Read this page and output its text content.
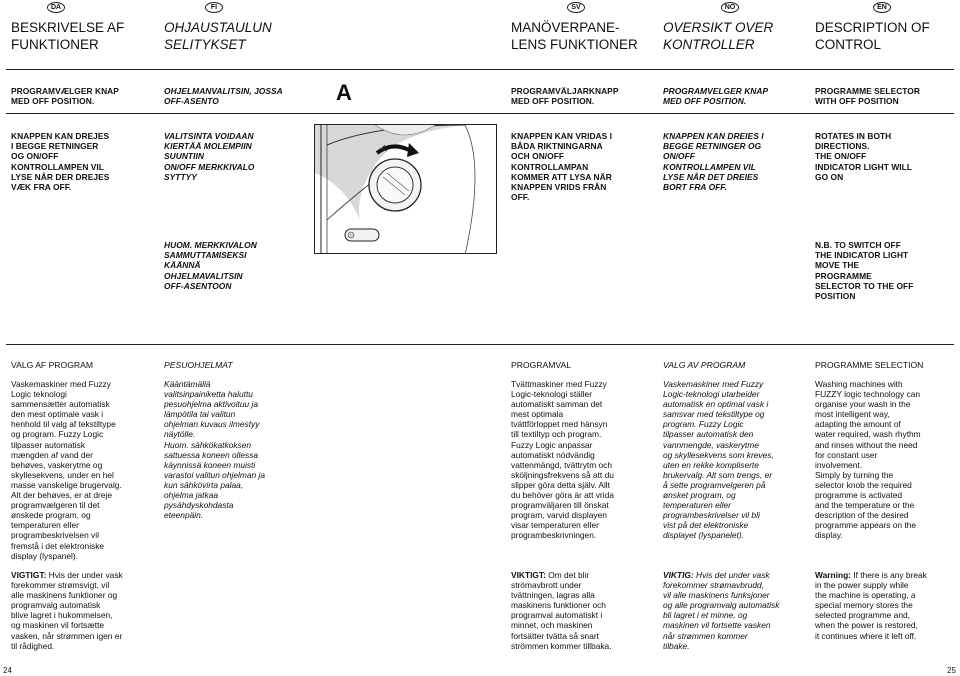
DA	FI	SV	NO	EN
BESKRIVELSE AF
FUNKTIONER
OHJAUSTAULUN
SELITYKSET
MANÖVERPANE-
LENS FUNKTIONER
OVERSIKT OVER
KONTROLLER
DESCRIPTION OF
CONTROL
PROGRAMVÆLGER KNAP
MED OFF POSITION.
OHJELMANVALITSIN, JOSSA
OFF-ASENTO	A	PROGRAMVÄLJARKNAPP
MED OFF POSITION.
PROGRAMVELGER KNAP
MED OFF POSITION.
PROGRAMME SELECTOR
WITH OFF POSITION
KNAPPEN KAN DREJES
I BEGGE RETNINGER
OG ON/OFF
KONTROLLAMPEN VIL
LYSE NÅR DER DREJES
VÆK FRA OFF.
VALITSINTA VOIDAAN
KIERTÄÄ MOLEMPIIN
SUUNTIIN
ON/OFF MERKKIVALO
SYTTYY
KNAPPEN KAN VRIDAS I
BÅDA RIKTNINGARNA
OCH ON/OFF
KONTROLLAMPAN
KOMMER ATT LYSA NÄR
KNAPPEN VRIDS FRÅN
OFF.
KNAPPEN KAN DREIES I
BEGGE RETNINGER OG
ON/OFF
KONTROLLAMPEN VIL
LYSE NÅR DET DREIES
BORT FRA OFF.
ROTATES IN BOTH
DIRECTIONS.
THE ON/OFF
INDICATOR LIGHT WILL
GO ON
HUOM. MERKKIVALON
SAMMUTTAMISEKSI
KÄÄNNÄ
OHJELMAVALITSIN
OFF-ASENTOON
N.B. TO SWITCH OFF
THE INDICATOR LIGHT
MOVE THE
PROGRAMME
SELECTOR TO THE OFF
POSITION
VALG AF PROGRAM	PESUOHJELMAT	PROGRAMVAL	VALG AV PROGRAM	PROGRAMME SELECTION
Vaskemaskiner med Fuzzy
Logic teknologi
sammensætter automatisk
den mest optimale vask i
henhold til valg af tekstiltype
og program. Fuzzy Logic
tilpasser automatisk
mængden af vand der
behøves, vaskerytme og
skyllesekvens, under en hel
masse vanskelige brugervalg.
Alt der behøves, er at dreje
programvælgeren til det
ønskede program, og
temperaturen eller
programbeskrivelsen vil
fremstå i det elektroniske
display (lyspanel).
Kääntämällä
valitsinpainiketta haluttu
pesuohjelma aktivoituu ja
lämpötila tai valitun
ohjelman kuvaus ilmestyy
näytölle.
Huom. sähkökatkoksen
sattuessa koneen ollessa
käynnissä koneen muisti
varastoi valitun ohjelman ja
kun sähkövirta palaa,
ohjelma jatkaa
pysähdyskohdasta
eteenpäin.
Tvättmaskiner med Fuzzy
Logic-teknologi ställer
automatiskt samman det
mest optimala
tvättförloppet med hänsyn
till textiltyp och program.
Fuzzy Logic anpassar
automatiskt nödvändig
vattenmängd, tvättrytm och
sköljningsfrekvens så att du
slipper göra detta själv. Allt
du behöver göra är att vrida
programväljaren till önskat
program, varvid displayen
visar temperaturen eller
programbeskrivningen.
Vaskemaskiner med Fuzzy
Logic-teknologi utarbeider
automatisk en optimal vask i
samsvar med tekstiltype og
program. Fuzzy Logic
tilpasser automatisk den
vannmengde, vaskerytme
og skyllesekvens som kreves,
uten en rekke kompliserte
brukervalg. Alt som trengs, er
å sette programvelgeren på
ønsket program, og
temperaturen eller
programbeskrivelser vil bli
vist på det elektroniske
displayet (lyspanelet).
Washing machines with
FUZZY logic technology can
organise your wash in the
most intelligent way,
adapting the amount of
water required, wash rhythm
and rinses without the need
for constant user
involvement.
Simply by turning the
selector knob the required
programme is activated
and the temperature or the
description of the desired
programme appears on the
display.
VIGTIGT: Hvis der under vask
forekommer strømsvigt, vil
alle maskinens funktioner og
programvalg automatisk
blive lagret i hukommelsen,
og maskinen vil fortsætte
vasken, når strømmen igen er
til rådighed.
VIKTIGT: Om det blir
strömavbrott under
tvättningen, lagras alla
maskinens funktioner och
programval automatiskt i
minnet, och maskinen
fortsätter tvätta så snart
strömmen kommer tillbaka.
VIKTIG: Hvis det under vask
forekommer strømavbrudd,
vil alle maskinens funksjoner
og alle programvalg automatisk
bli lagret i et minne, og
maskinen vil fortsette vasken
når strømmen kommer
tilbake.
Warning: If there is any break
in the power supply while
the machine is operating, a
special memory stores the
selected programme and,
when the power is restored,
it continues where it left off.
24	25
